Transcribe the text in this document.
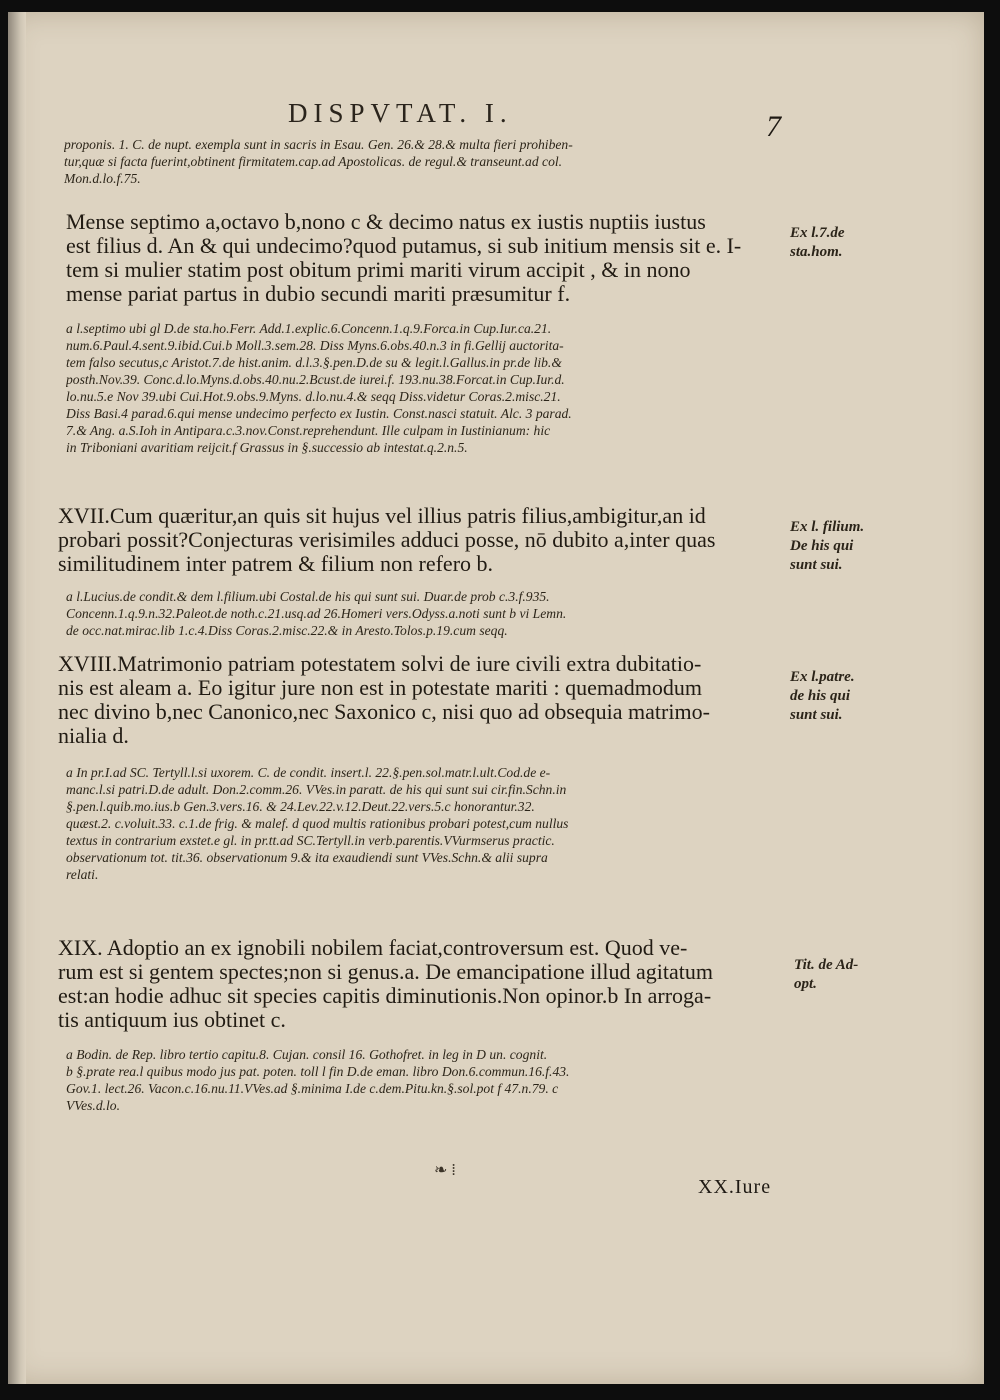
DISPVTAT. I.	7
proponis. 1. C. de nupt. exempla sunt in sacris in Esau. Gen. 26.& 28.& multa fieri prohiben-
tur,quæ si facta fuerint,obtinent firmitatem.cap.ad Apostolicas. de regul.& transeunt.ad col.
Mon.d.lo.f.75.
Mense septimo a,octavo b,nono c & decimo natus ex iustis nuptiis iustus
est filius d. An & qui undecimo?quod putamus, si sub initium mensis sit e. I-
tem si mulier statim post obitum primi mariti virum accipit , & in nono
mense pariat partus in dubio secundi mariti præsumitur f.
Ex l.7.de
sta.hom.
a l.septimo ubi gl D.de sta.ho.Ferr. Add.1.explic.6.Concenn.1.q.9.Forca.in Cup.Iur.ca.21.
num.6.Paul.4.sent.9.ibid.Cui.b Moll.3.sem.28. Diss Myns.6.obs.40.n.3 in fi.Gellij auctorita-
tem falso secutus,c Aristot.7.de hist.anim. d.l.3.§.pen.D.de su & legit.l.Gallus.in pr.de lib.&
posth.Nov.39. Conc.d.lo.Myns.d.obs.40.nu.2.Bcust.de iurei.f. 193.nu.38.Forcat.in Cup.Iur.d.
lo.nu.5.e Nov 39.ubi Cui.Hot.9.obs.9.Myns. d.lo.nu.4.& seqq Diss.videtur Coras.2.misc.21.
Diss Basi.4 parad.6.qui mense undecimo perfecto ex Iustin. Const.nasci statuit. Alc. 3 parad.
7.& Ang. a.S.Ioh in Antipara.c.3.nov.Const.reprehendunt. Ille culpam in Iustinianum: hic
in Triboniani avaritiam reijcit.f Grassus in §.successio ab intestat.q.2.n.5.
XVII.Cum quæritur,an quis sit hujus vel illius patris filius,ambigitur,an id
probari possit?Conjecturas verisimiles adduci posse, nō dubito a,inter quas
similitudinem inter patrem & filium non refero b.
Ex l. filium.
De his qui
sunt sui.
a l.Lucius.de condit.& dem l.filium.ubi Costal.de his qui sunt sui. Duar.de prob c.3.f.935.
Concenn.1.q.9.n.32.Paleot.de noth.c.21.usq.ad 26.Homeri vers.Odyss.a.noti sunt b vi Lemn.
de occ.nat.mirac.lib 1.c.4.Diss Coras.2.misc.22.& in Aresto.Tolos.p.19.cum seqq.
XVIII.Matrimonio patriam potestatem solvi de iure civili extra dubitatio-
nis est aleam a. Eo igitur jure non est in potestate mariti : quemadmodum
nec divino b,nec Canonico,nec Saxonico c, nisi quo ad obsequia matrimo-
nialia d.
Ex l.patre.
de his qui
sunt sui.
a In pr.I.ad SC. Tertyll.l.si uxorem. C. de condit. insert.l. 22.§.pen.sol.matr.l.ult.Cod.de e-
manc.l.si patri.D.de adult. Don.2.comm.26. VVes.in paratt. de his qui sunt sui cir.fin.Schn.in
§.pen.l.quib.mo.ius.b Gen.3.vers.16. & 24.Lev.22.v.12.Deut.22.vers.5.c honorantur.32.
quæst.2. c.voluit.33. c.1.de frig. & malef. d quod multis rationibus probari potest,cum nullus
textus in contrarium exstet.e gl. in pr.tt.ad SC.Tertyll.in verb.parentis.VVurmserus practic.
observationum tot. tit.36. observationum 9.& ita exaudiendi sunt VVes.Schn.& alii supra
relati.
XIX. Adoptio an ex ignobili nobilem faciat,controversum est. Quod ve-
rum est si gentem spectes;non si genus.a. De emancipatione illud agitatum
est:an hodie adhuc sit species capitis diminutionis.Non opinor.b In arroga-
tis antiquum ius obtinet c.
Tit. de Ad-
opt.
a Bodin. de Rep. libro tertio capitu.8. Cujan. consil 16. Gothofret. in leg in D un. cognit.
b §.prate rea.l quibus modo jus pat. poten. toll l fin D.de eman. libro Don.6.commun.16.f.43.
Gov.1. lect.26. Vacon.c.16.nu.11.VVes.ad §.minima I.de c.dem.Pitu.kn.§.sol.pot f 47.n.79. c
VVes.d.lo.
❧ ⁞
XX.Iure
